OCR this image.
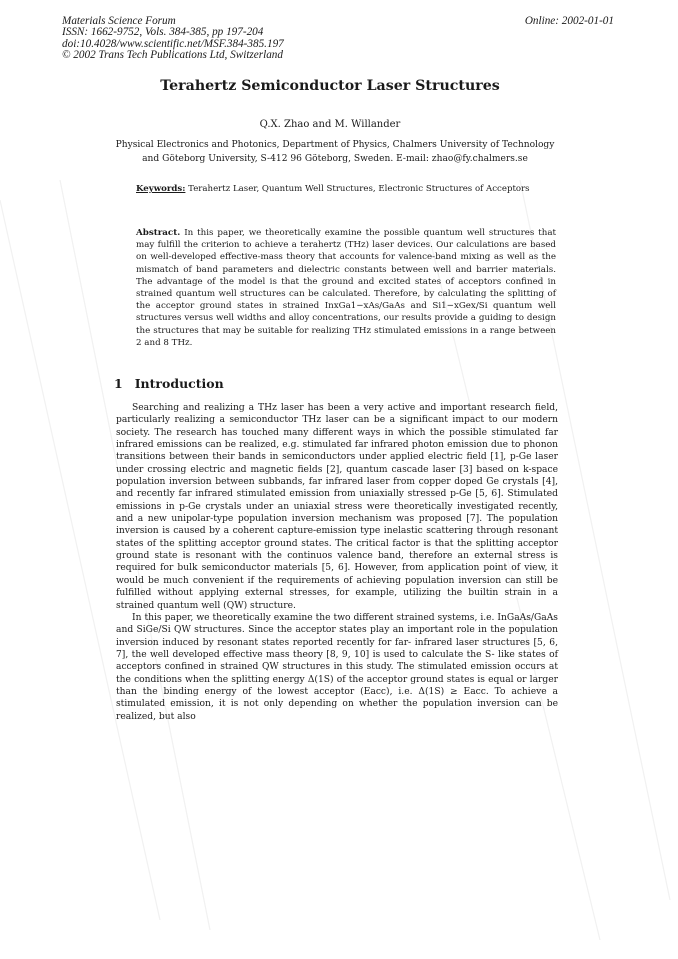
Materials Science Forum
ISSN: 1662-9752, Vols. 384-385, pp 197-204
doi:10.4028/www.scientific.net/MSF.384-385.197
© 2002 Trans Tech Publications Ltd, Switzerland
Online: 2002-01-01
Terahertz Semiconductor Laser Structures
Q.X. Zhao and M. Willander
Physical Electronics and Photonics, Department of Physics, Chalmers University of Technology and Göteborg University, S-412 96 Göteborg, Sweden. E-mail: zhao@fy.chalmers.se
Keywords: Terahertz Laser, Quantum Well Structures, Electronic Structures of Acceptors
Abstract. In this paper, we theoretically examine the possible quantum well structures that may fulfill the criterion to achieve a terahertz (THz) laser devices. Our calculations are based on well-developed effective-mass theory that accounts for valence-band mixing as well as the mismatch of band parameters and dielectric constants between well and barrier materials. The advantage of the model is that the ground and excited states of acceptors confined in strained quantum well structures can be calculated. Therefore, by calculating the splitting of the acceptor ground states in strained InxGa1−xAs/GaAs and Si1−xGex/Si quantum well structures versus well widths and alloy concentrations, our results provide a guiding to design the structures that may be suitable for realizing THz stimulated emissions in a range between 2 and 8 THz.
1 Introduction

Searching and realizing a THz laser has been a very active and important research field, particularly realizing a semiconductor THz laser can be a significant impact to our modern society. The research has touched many different ways in which the possible stimulated far infrared emissions can be realized, e.g. stimulated far infrared photon emission due to phonon transitions between their bands in semiconductors under applied electric field [1], p-Ge laser under crossing electric and magnetic fields [2], quantum cascade laser [3] based on k-space population inversion between subbands, far infrared laser from copper doped Ge crystals [4], and recently far infrared stimulated emission from uniaxially stressed p-Ge [5, 6]. Stimulated emissions in p-Ge crystals under an uniaxial stress were theoretically investigated recently, and a new unipolar-type population inversion mechanism was proposed [7]. The population inversion is caused by a coherent capture-emission type inelastic scattering through resonant states of the splitting acceptor ground states. The critical factor is that the splitting acceptor ground state is resonant with the continuos valence band, therefore an external stress is required for bulk semiconductor materials [5, 6]. However, from application point of view, it would be much convenient if the requirements of achieving population inversion can still be fulfilled without applying external stresses, for example, utilizing the builtin strain in a strained quantum well (QW) structure.

In this paper, we theoretically examine the two different strained systems, i.e. InGaAs/GaAs and SiGe/Si QW structures. Since the acceptor states play an important role in the population inversion induced by resonant states reported recently for far- infrared laser structures [5, 6, 7], the well developed effective mass theory [8, 9, 10] is used to calculate the S- like states of acceptors confined in strained QW structures in this study. The stimulated emission occurs at the conditions when the splitting energy Δ(1S) of the acceptor ground states is equal or larger than the binding energy of the lowest acceptor (Eacc), i.e. Δ(1S) ≥ Eacc. To achieve a stimulated emission, it is not only depending on whether the population inversion can be realized, but also
